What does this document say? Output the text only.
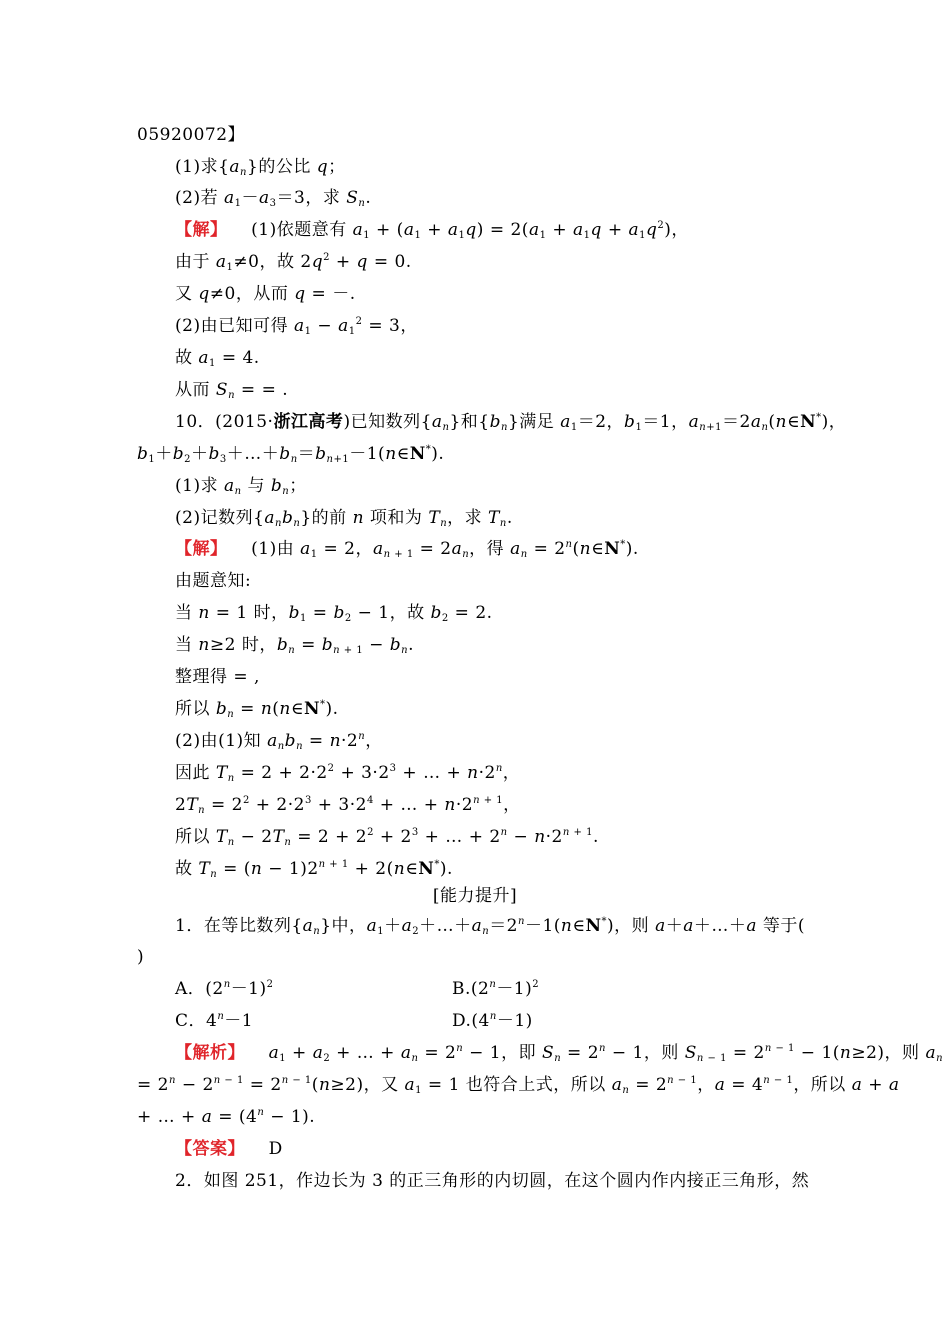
05920072】
(1)求$\{a_n\}$的公比 q；
(2)若 $a_1-a_3=3$，求 $S_n$.
【解】    (1)依题意有 $a_1 + (a_1 + a_1q) = 2(a_1 + a_1q + a_1q^2)$，
由于 $a_1\ne 0$，故 $2q^2 + q = 0$.
又 q≠0，从而 q = －.
(2)由已知可得 $a_1 - a_1^2 = 3$，
故 $a_1 = 4$.
从而 $S_n$ = = .
10．(2015·浙江高考)已知数列$\{a_n\}$和$\{b_n\}$满足 $a_1=2$，$b_1=1$，$a_{n+1}=2a_n(n\in N^*)$，
$b_1+b_2+b_3+\dots+b_n=b_{n+1}-1(n\in N^*)$.
(1)求 $a_n$ 与 $b_n$；
(2)记数列$\{a_nb_n\}$的前 n 项和为 $T_n$，求 $T_n$.
【解】    (1)由 $a_1 = 2$，$a_{n + 1} = 2a_n$，得 $a_n$ = $2^n(n\in N^*)$.
由题意知:
当 n = 1 时，$b_1 = b_2 - 1$，故 $b_2 = 2$.
当 n≥2 时，$b_n = b_{n + 1} - b_n$.
整理得 = ,
所以 $b_n$ = n(n∈N*).
(2)由(1)知 $a_nb_n = n\cdot 2^n$，
因此 $T_n = 2 + 2\cdot 2^2 + 3\cdot 2^3$ + … + $n\cdot 2^n$，
$2T_n = 2^2 + 2\cdot 2^3 + 3\cdot 2^4$ + … + $n\cdot 2^{n + 1}$，
所以 $T_n - 2T_n = 2 + 2^2 + 2^3$ + … + $2^n - n\cdot 2^{n + 1}$.
故 $T_n = (n - 1)2^{n + 1}$ + 2(n∈N*).
[能力提升]
1．在等比数列$\{a_n\}$中，$a_1+a_2+\dots+a_n=2^n-1(n\in N^*)$，则 a＋a＋…＋a 等于(
)
A．$(2^n-1)^2$	$B.(2^n-1)^2$
C．$4^n-1$	$D.(4^n-1)$
【解析】 $a_1 + a_2$ + … + $a_n = 2^n - 1$，即 $S_n = 2^n - 1$，则 $S_{n - 1} = 2^{n - 1} - 1(n\ge 2)$，则 $a_n$
= $2^n - 2^{n - 1} = 2^{n - 1}(n\ge 2)$，又 $a_1 = 1$ 也符合上式，所以 $a_n = 2^{n - 1}$，$a = 4^{n - 1}$，所以 a + a
+ … + $a = (4^n - 1)$.
【答案】 D
2．如图 251，作边长为 3 的正三角形的内切圆，在这个圆内作内接正三角形，然
